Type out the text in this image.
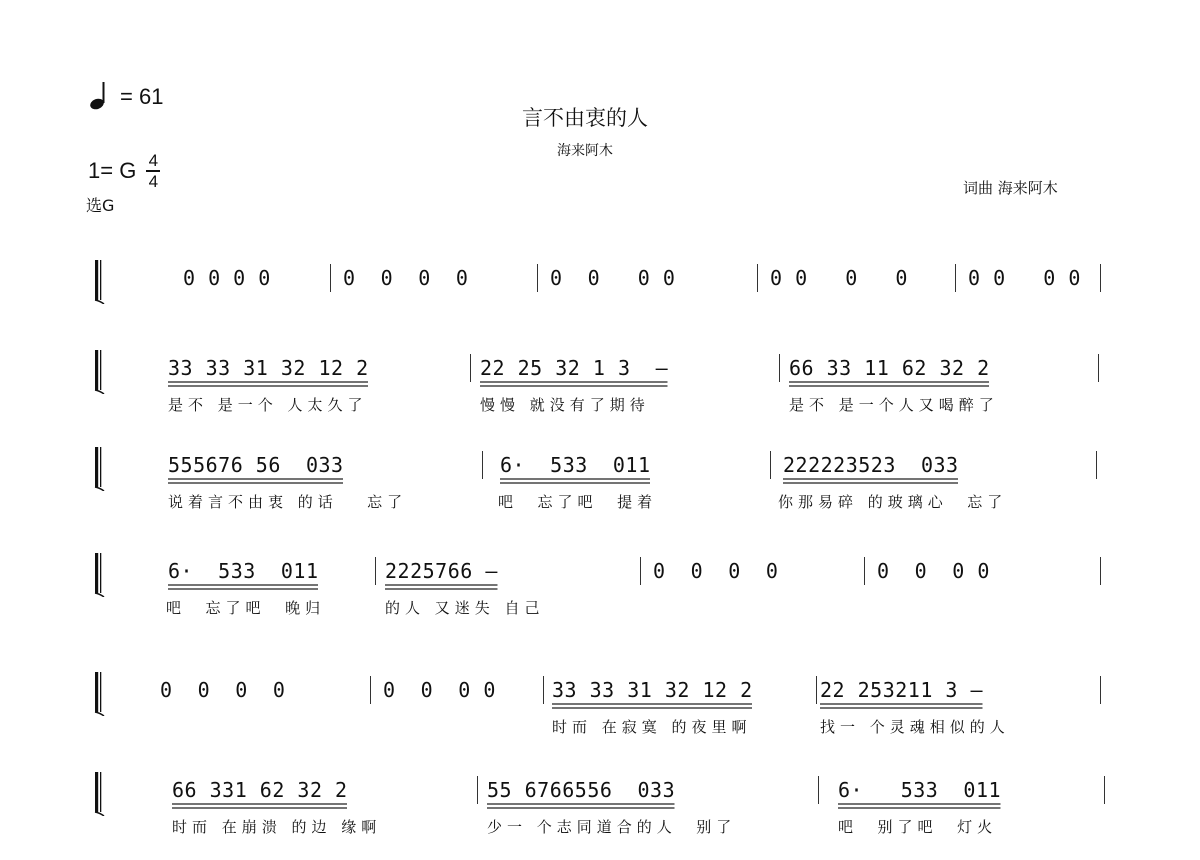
= 61
言不由衷的人
海来阿木
1= G 4
4
选G
词曲 海来阿木
0 0 0 0	0  0  0  0	0  0   0 0	0 0   0   0	0 0   0 0
33 33 31 32 12 2	22 25 32 1 3  –	66 33 11 62 32 2
是不 是一个 人太久了	慢慢 就没有了期待	是不 是一个人又喝醉了
555676 56  033	6·  533  011	222223523  033
说着言不由衷 的话   忘了	吧  忘了吧  提着	你那易碎 的玻璃心  忘了
6·  533  011	2225766 –	0  0  0  0	0  0  0 0
吧  忘了吧  晚归	的人 又迷失 自己
0  0  0  0	0  0  0 0	33 33 31 32 12 2	22 253211 3 –
时而 在寂寞 的夜里啊	找一 个灵魂相似的人
66 331 62 32 2	55 6766556  033	6·   533  011
时而 在崩溃 的边 缘啊	少一 个志同道合的人  别了	吧  别了吧  灯火
